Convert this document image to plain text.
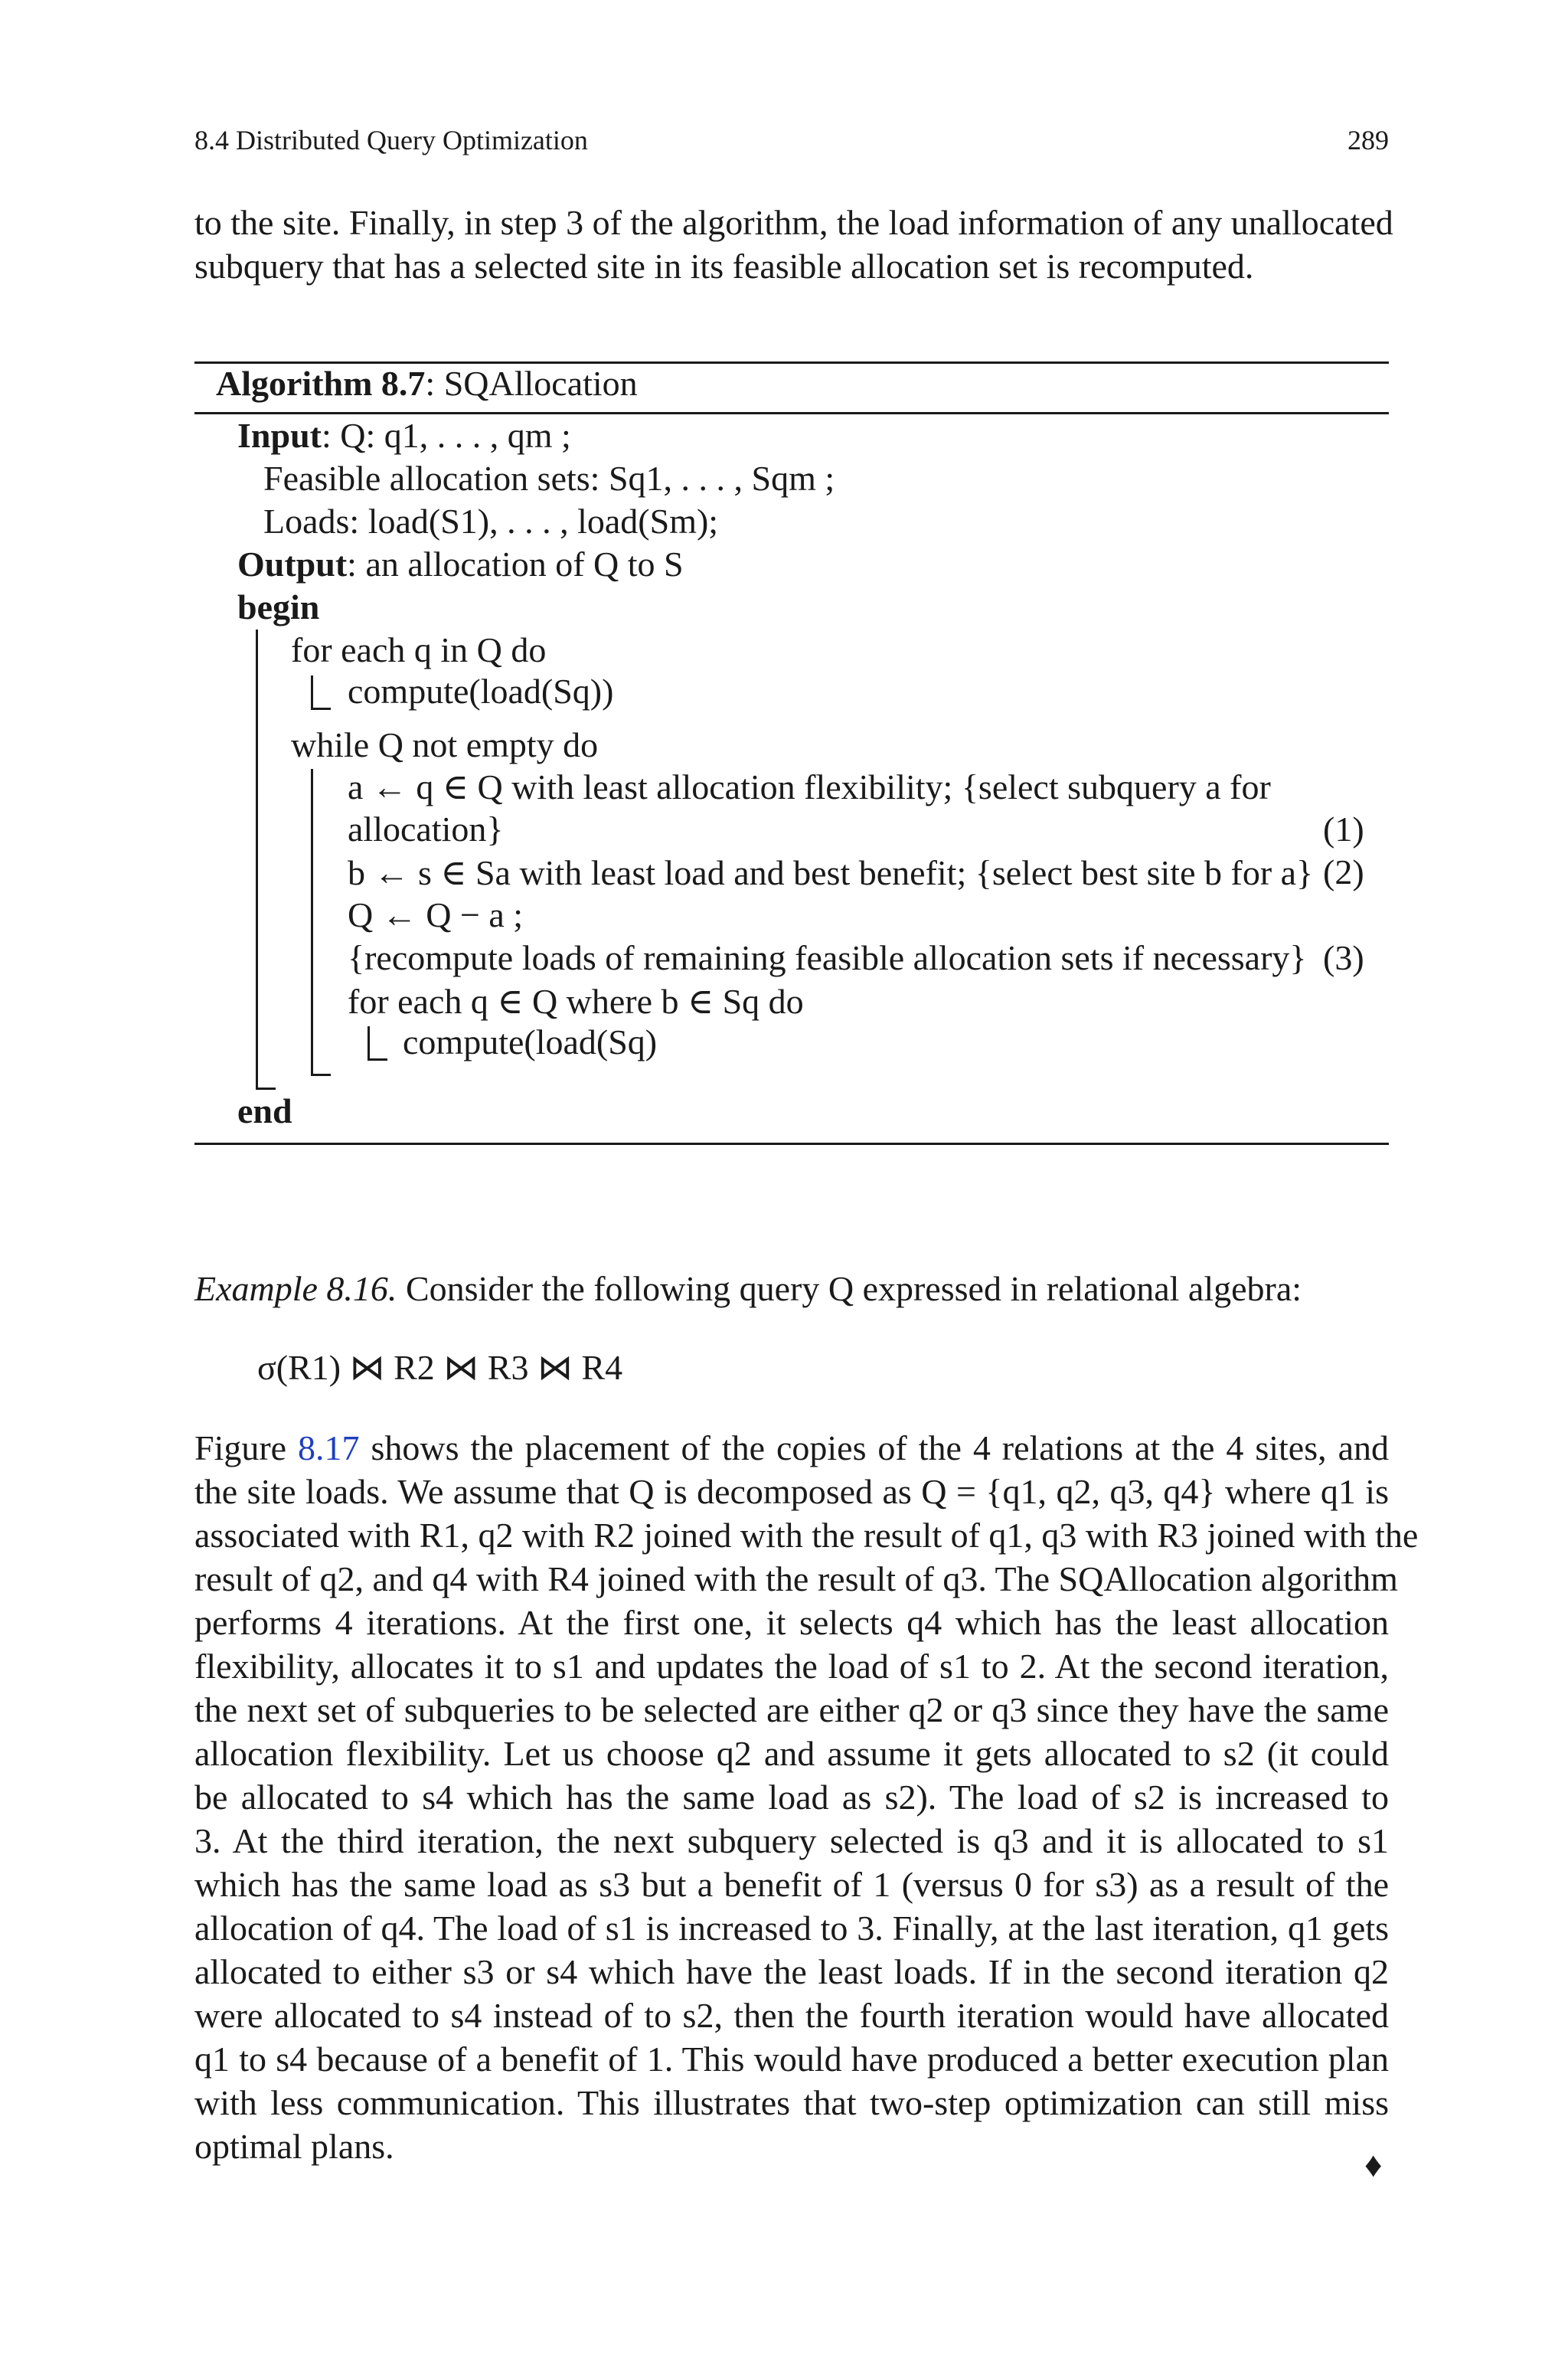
8.4 Distributed Query Optimization	289
to the site. Finally, in step 3 of the algorithm, the load information of any unallocated
subquery that has a selected site in its feasible allocation set is recomputed.
Algorithm 8.7: SQAllocation
Input: Q: q1, . . . , qm ;
Feasible allocation sets: Sq1, . . . , Sqm ;
Loads: load(S1), . . . , load(Sm);
Output: an allocation of Q to S
begin
for each q in Q do
compute(load(Sq))
while Q not empty do
a ← q ∈ Q with least allocation flexibility; {select subquery a for
allocation}	(1)
b ← s ∈ Sa with least load and best benefit; {select best site b for a} (2)
Q ← Q − a ;
{recompute loads of remaining feasible allocation sets if necessary} (3)
for each q ∈ Q where b ∈ Sq do
compute(load(Sq)
end
Example 8.16. Consider the following query Q expressed in relational algebra:
σ(R1) ⋈ R2 ⋈ R3 ⋈ R4
Figure 8.17 shows the placement of the copies of the 4 relations at the 4 sites, and
the site loads. We assume that Q is decomposed as Q = {q1, q2, q3, q4} where q1 is
associated with R1, q2 with R2 joined with the result of q1, q3 with R3 joined with the
result of q2, and q4 with R4 joined with the result of q3. The SQAllocation algorithm
performs 4 iterations. At the first one, it selects q4 which has the least allocation
flexibility, allocates it to s1 and updates the load of s1 to 2. At the second iteration,
the next set of subqueries to be selected are either q2 or q3 since they have the same
allocation flexibility. Let us choose q2 and assume it gets allocated to s2 (it could
be allocated to s4 which has the same load as s2). The load of s2 is increased to
3. At the third iteration, the next subquery selected is q3 and it is allocated to s1
which has the same load as s3 but a benefit of 1 (versus 0 for s3) as a result of the
allocation of q4. The load of s1 is increased to 3. Finally, at the last iteration, q1 gets
allocated to either s3 or s4 which have the least loads. If in the second iteration q2
were allocated to s4 instead of to s2, then the fourth iteration would have allocated
q1 to s4 because of a benefit of 1. This would have produced a better execution plan
with less communication. This illustrates that two-step optimization can still miss
optimal plans.	♦
